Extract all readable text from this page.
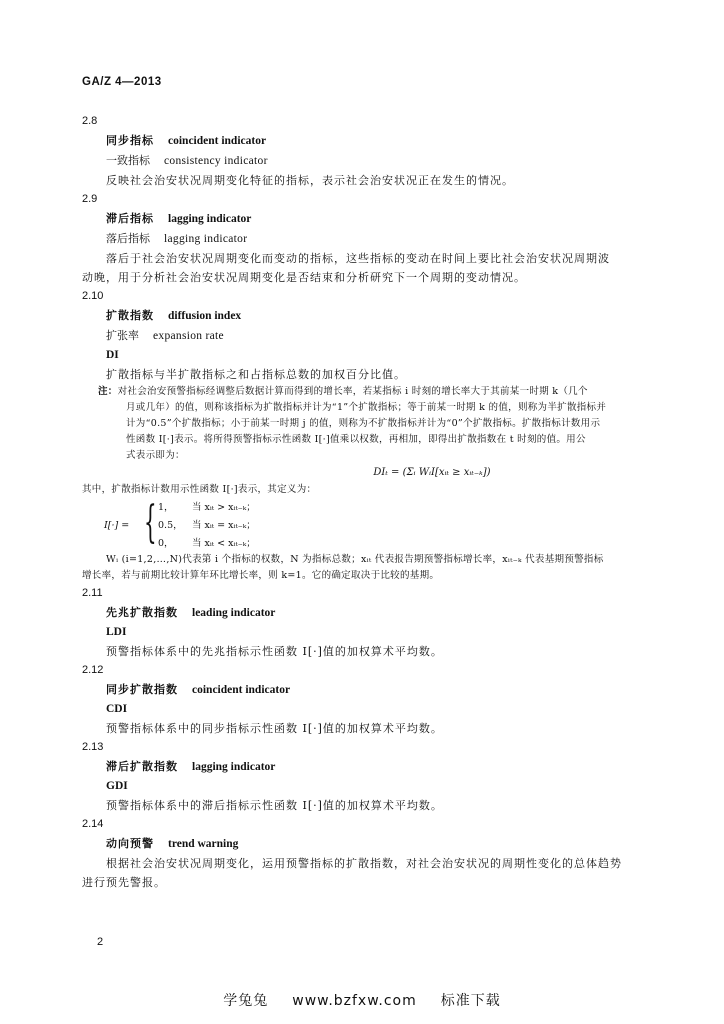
GA/Z 4—2013
2.8
同步指标 coincident indicator
一致指标 consistency indicator
反映社会治安状况周期变化特征的指标，表示社会治安状况正在发生的情况。
2.9
滞后指标 lagging indicator
落后指标 lagging indicator
落后于社会治安状况周期变化而变动的指标，这些指标的变动在时间上要比社会治安状况周期波
动晚，用于分析社会治安状况周期变化是否结束和分析研究下一个周期的变动情况。
2.10
扩散指数 diffusion index
扩张率 expansion rate
DI
扩散指标与半扩散指标之和占指标总数的加权百分比值。
注：对社会治安预警指标经调整后数据计算而得到的增长率，若某指标 i 时刻的增长率大于其前某一时期 k（几个
月或几年）的值，则称该指标为扩散指标并计为“1”个扩散指标；等于前某一时期 k 的值，则称为半扩散指标并
计为“0.5”个扩散指标；小于前某一时期 j 的值，则称为不扩散指标并计为“0”个扩散指标。扩散指标计数用示
性函数 I[·]表示。将所得预警指标示性函数 I[·]值乘以权数，再相加，即得出扩散指数在 t 时刻的值。用公
式表示即为：
DIₜ = (Σᵢ WᵢI[xᵢₜ ≥ xᵢₜ₋ₖ])
其中，扩散指标计数用示性函数 I[·]表示，其定义为：
I[·] = { 1， 当 xᵢₜ > xᵢₜ₋ₖ；
0.5， 当 xᵢₜ = xᵢₜ₋ₖ；
0， 当 xᵢₜ < xᵢₜ₋ₖ；
Wᵢ (i=1,2,…,N)代表第 i 个指标的权数，N 为指标总数；xᵢₜ 代表报告期预警指标增长率，xᵢₜ₋ₖ 代表基期预警指标
增长率，若与前期比较计算年环比增长率，则 k=1。它的确定取决于比较的基期。
2.11
先兆扩散指数 leading indicator
LDI
预警指标体系中的先兆指标示性函数 I[·]值的加权算术平均数。
2.12
同步扩散指数 coincident indicator
CDI
预警指标体系中的同步指标示性函数 I[·]值的加权算术平均数。
2.13
滞后扩散指数 lagging indicator
GDI
预警指标体系中的滞后指标示性函数 I[·]值的加权算术平均数。
2.14
动向预警 trend warning
根据社会治安状况周期变化，运用预警指标的扩散指数，对社会治安状况的周期性变化的总体趋势
进行预先警报。
2
学兔兔 www.bzfxw.com 标准下载
